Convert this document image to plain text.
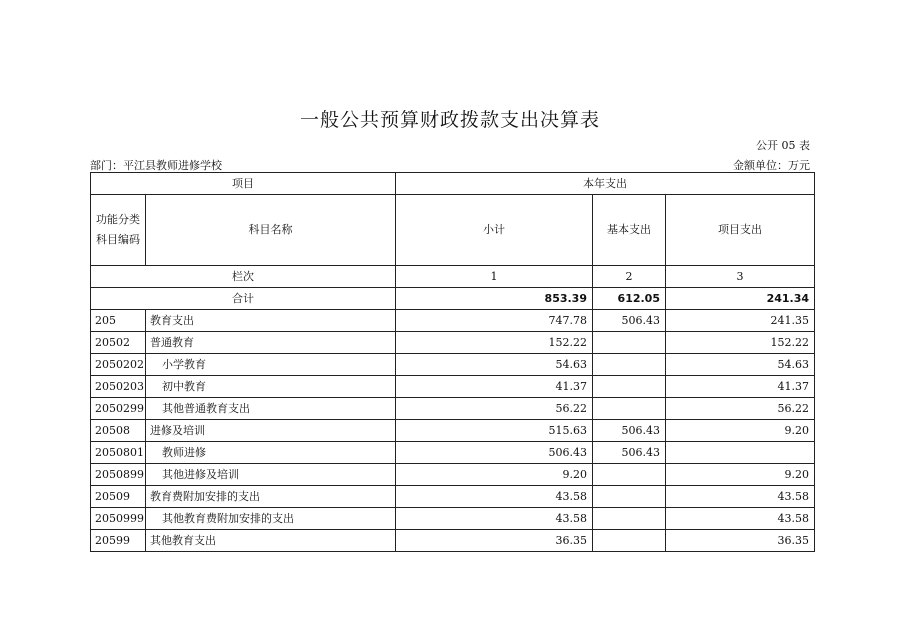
一般公共预算财政拨款支出决算表
公开 05 表
部门：平江县教师进修学校	金额单位：万元
项目		本年支出		
功能分类科目编码	科目名称	小计	基本支出	项目支出
栏次		1	2	3
合计		853.39	612.05	241.34
205	教育支出	747.78	506.43	241.35
20502	普通教育	152.22		152.22
2050202	小学教育	54.63		54.63
2050203	初中教育	41.37		41.37
2050299	其他普通教育支出	56.22		56.22
20508	进修及培训	515.63	506.43	9.20
2050801	教师进修	506.43	506.43	
2050899	其他进修及培训	9.20		9.20
20509	教育费附加安排的支出	43.58		43.58
2050999	其他教育费附加安排的支出	43.58		43.58
20599	其他教育支出	36.35		36.35
